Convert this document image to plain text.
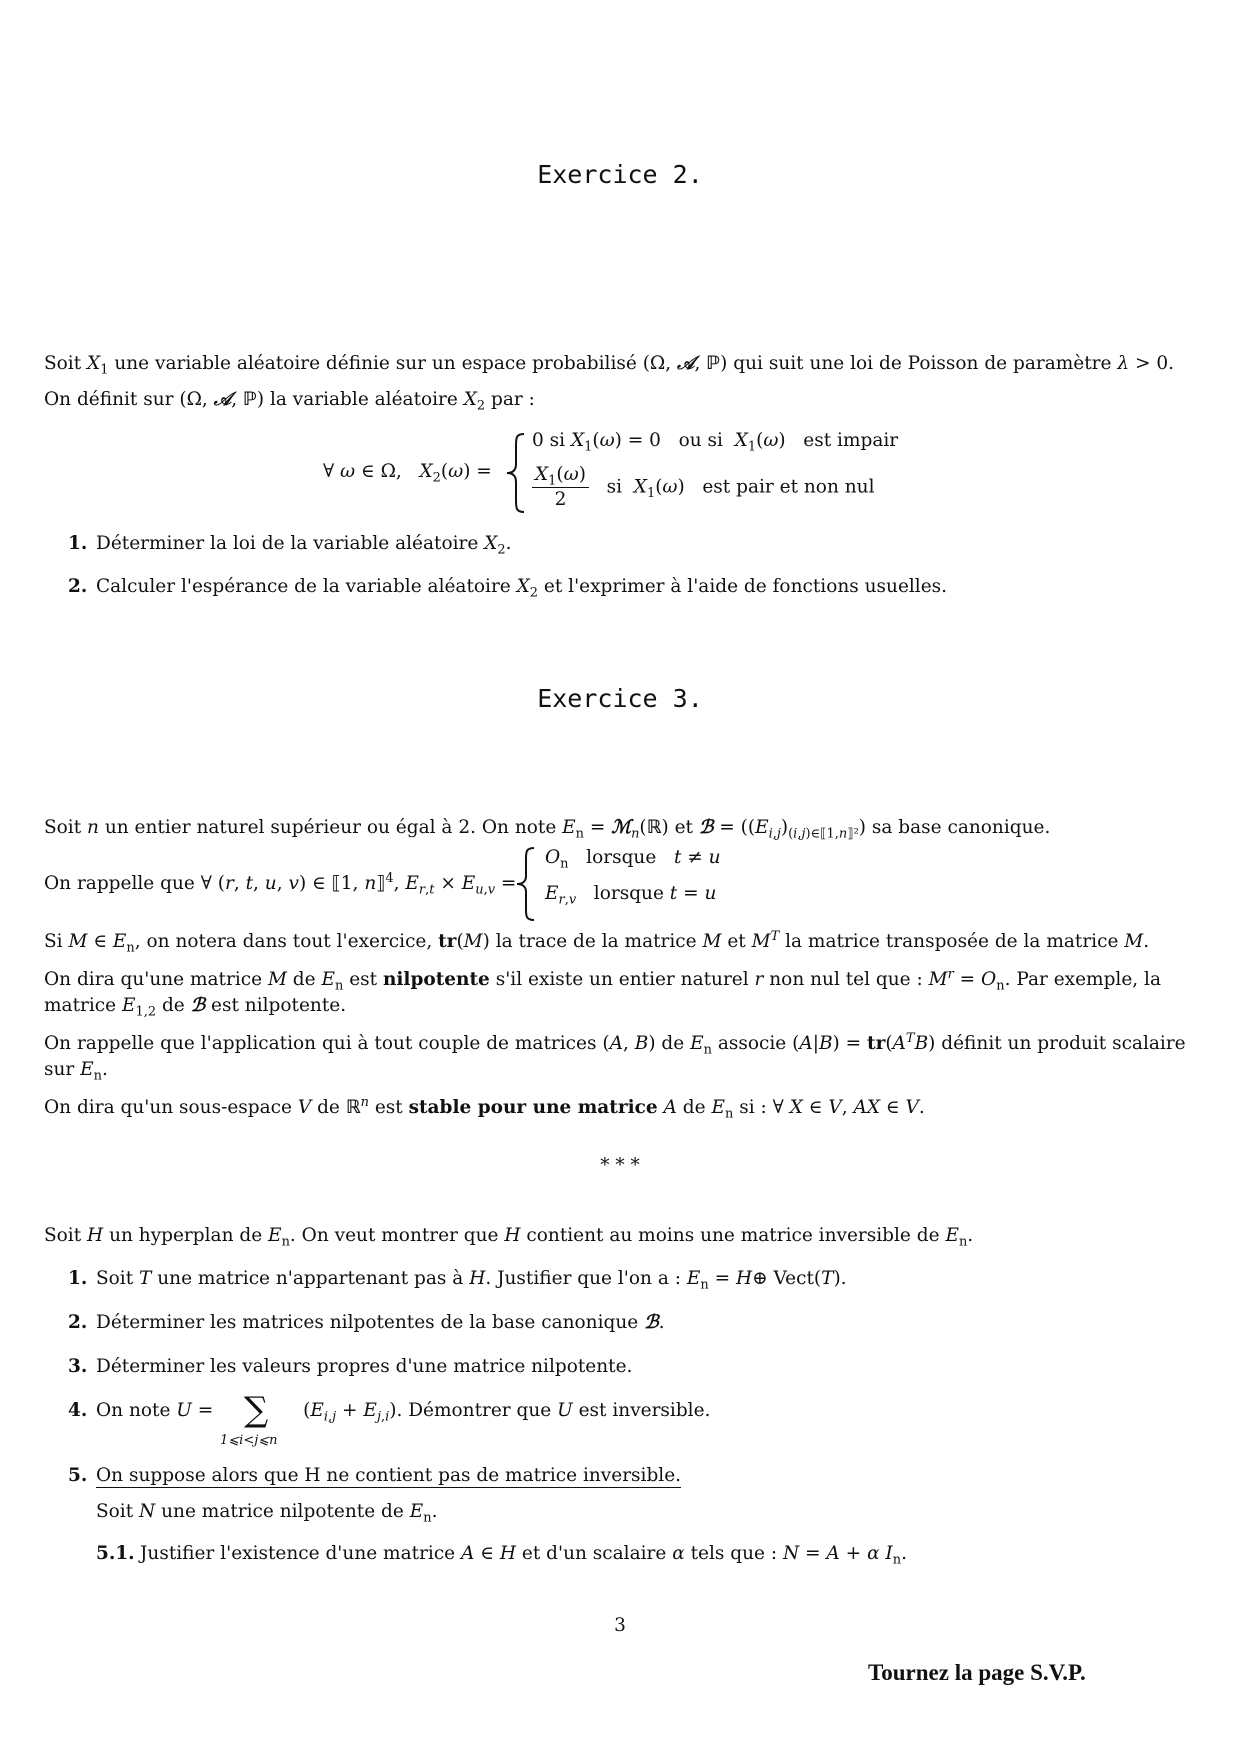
Exercice 2.
Soit $X_1$ une variable aléatoire définie sur un espace probabilisé (Ω, 𝒜, ℙ) qui suit une loi de Poisson de paramètre λ > 0.
On définit sur (Ω, 𝒜, ℙ) la variable aléatoire $X_2$ par :
∀ ω ∈ Ω,   $X_2(\omega)$ =
0 si $X_1(\omega) = 0$   ou si $X_1(\omega)$   est impair
$\frac{X_1(\omega)}{2}$ si $X_1(\omega)$   est pair et non nul
1. Déterminer la loi de la variable aléatoire $X_2$.
2. Calculer l'espérance de la variable aléatoire $X_2$ et l'exprimer à l'aide de fonctions usuelles.
Exercice 3.
Soit n un entier naturel supérieur ou égal à 2. On note $E_n$ = ℳ$_n$(ℝ) et ℬ = $((E_{i,j})_{(i,j)\in⟦1,n⟧^2})$ sa base canonique.
On rappelle que ∀ (r, t, u, v) ∈ ⟦1, n⟧$^4$, $E_{r,t} \times E_{u,v}$ =
$O_n$ lorsque t ≠ u
$E_{r,v}$ lorsque t = u
Si M ∈ $E_n$, on notera dans tout l'exercice, tr(M) la trace de la matrice M et $M^T$ la matrice transposée de la matrice M.
On dira qu'une matrice M de $E_n$ est nilpotente s'il existe un entier naturel r non nul tel que : $M^r = O_n$. Par exemple, la
matrice $E_{1,2}$ de ℬ est nilpotente.
On rappelle que l'application qui à tout couple de matrices (A, B) de $E_n$ associe $(A|B) = tr(A^TB)$ définit un produit scalaire
sur $E_n$.
On dira qu'un sous-espace V de ℝ$^n$ est stable pour une matrice A de $E_n$ si : ∀ X ∈ V, AX ∈ V.
* * *
Soit H un hyperplan de $E_n$. On veut montrer que H contient au moins une matrice inversible de $E_n$.
1. Soit T une matrice n'appartenant pas à H. Justifier que l'on a : $E_n$ = H⊕ Vect(T).
2. Déterminer les matrices nilpotentes de la base canonique ℬ.
3. Déterminer les valeurs propres d'une matrice nilpotente.
4. On note U =	$(E_{i,j} + E_{j,i})$. Démontrer que U est inversible.
∑
1⩽i<j⩽n
5. On suppose alors que H ne contient pas de matrice inversible.
Soit N une matrice nilpotente de $E_n$.
5.1. Justifier l'existence d'une matrice A ∈ H et d'un scalaire α tels que : N = A + α $I_n$.
3
Tournez la page S.V.P.
